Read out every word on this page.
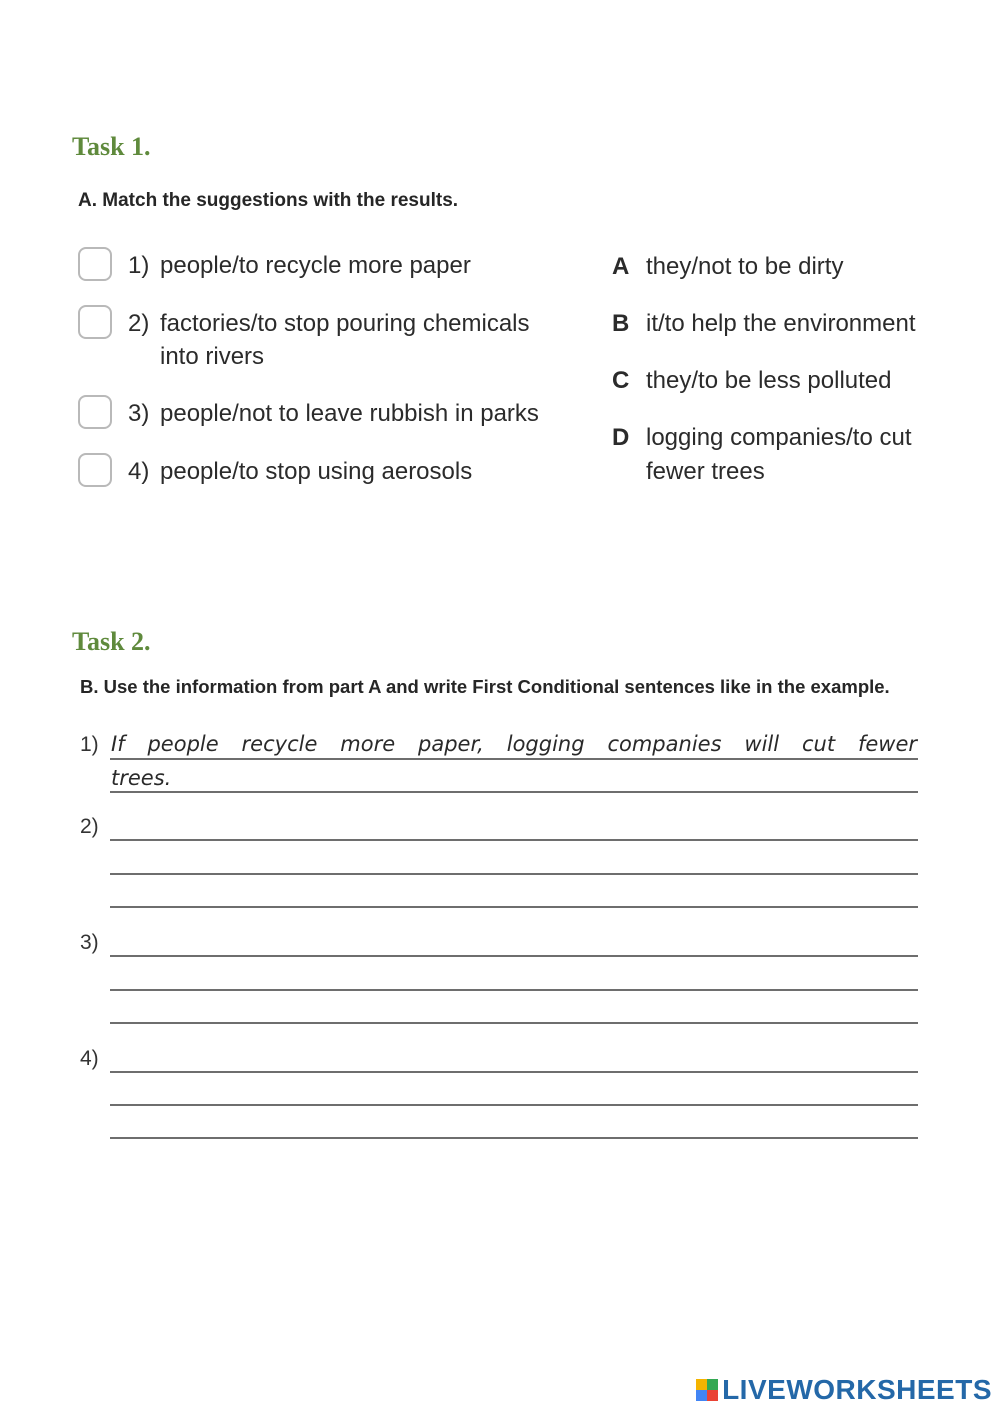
Task 1.

A. Match the suggestions with the results.

1) people/to recycle more paper
2) factories/to stop pouring chemicals into rivers
3) people/not to leave rubbish in parks
4) people/to stop using aerosols
A they/not to be dirty
B it/to help the environment
C they/to be less polluted
D logging companies/to cut fewer trees
Task 2.

B. Use the information from part A and write First Conditional sentences like in the example.

1) If people recycle more paper, logging companies will cut fewer
trees.
2)
3)
4)
LIVEWORKSHEETS
